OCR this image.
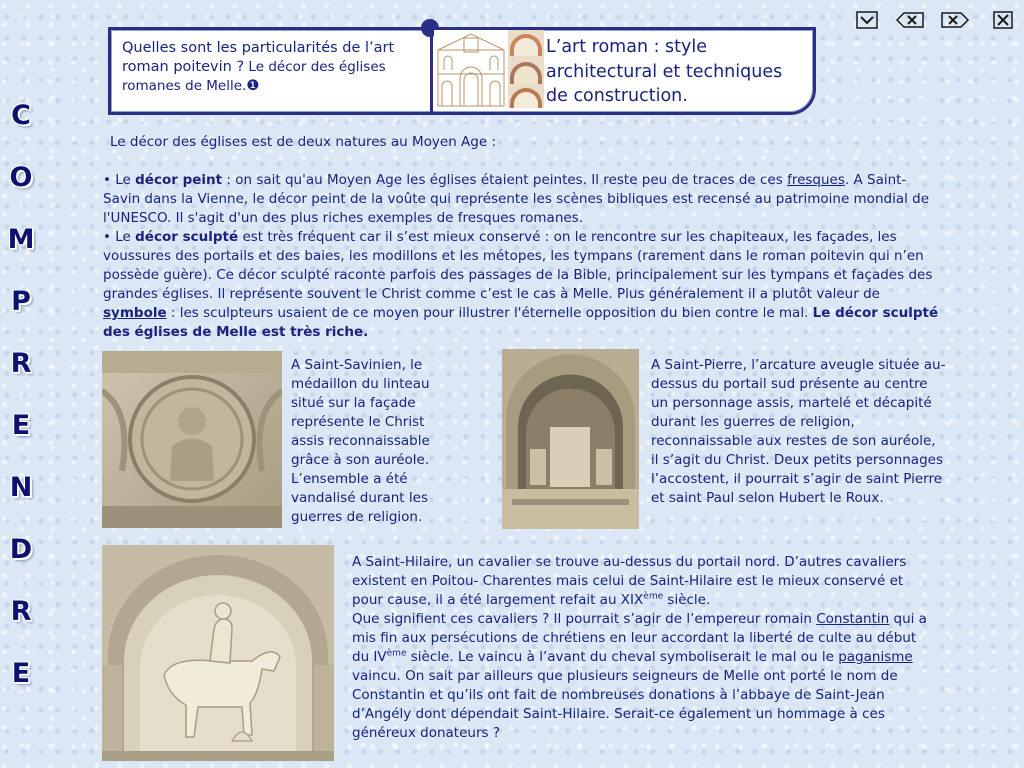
Quelles sont les particularités de l’art roman poitevin ? Le décor des églises romanes de Melle.❶
L’art roman : style architectural et techniques de construction.
C
O
M
P
R
E
N
D
R
E
Le décor des églises est de deux natures au Moyen Age :
• Le décor peint : on sait qu'au Moyen Age les églises étaient peintes. Il reste peu de traces de ces fresques. A Saint-Savin dans la Vienne, le décor peint de la voûte qui représente les scènes bibliques est recensé au patrimoine mondial de l'UNESCO. Il s'agit d'un des plus riches exemples de fresques romanes.
• Le décor sculpté est très fréquent car il s’est mieux conservé : on le rencontre sur les chapiteaux, les façades, les voussures des portails et des baies, les modillons et les métopes, les tympans (rarement dans le roman poitevin qui n’en possède guère). Ce décor sculpté raconte parfois des passages de la Bible, principalement sur les tympans et façades des grandes églises. Il représente souvent le Christ comme c’est le cas à Melle. Plus généralement il a plutôt valeur de symbole : les sculpteurs usaient de ce moyen pour illustrer l'éternelle opposition du bien contre le mal. Le décor sculpté des églises de Melle est très riche.
A Saint-Savinien, le médaillon du linteau situé sur la façade représente le Christ assis reconnaissable grâce à son auréole. L’ensemble a été vandalisé durant les guerres de religion.
A Saint-Pierre, l’arcature aveugle située au-dessus du portail sud présente au centre un personnage assis, martelé et décapité durant les guerres de religion, reconnaissable aux restes de son auréole, il s’agit du Christ. Deux petits personnages l’accostent, il pourrait s’agir de saint Pierre et saint Paul selon Hubert le Roux.
A Saint-Hilaire, un cavalier se trouve au-dessus du portail nord. D’autres cavaliers existent en Poitou- Charentes mais celui de Saint-Hilaire est le mieux conservé et pour cause, il a été largement refait au XIXème siècle.
Que signifient ces cavaliers ? Il pourrait s’agir de l’empereur romain Constantin qui a mis fin aux persécutions de chrétiens en leur accordant la liberté de culte au début du IVème siècle. Le vaincu à l’avant du cheval symboliserait le mal ou le paganisme vaincu. On sait par ailleurs que plusieurs seigneurs de Melle ont porté le nom de Constantin et qu’ils ont fait de nombreuses donations à l’abbaye de Saint-Jean d’Angély dont dépendait Saint-Hilaire. Serait-ce également un hommage à ces généreux donateurs ?
